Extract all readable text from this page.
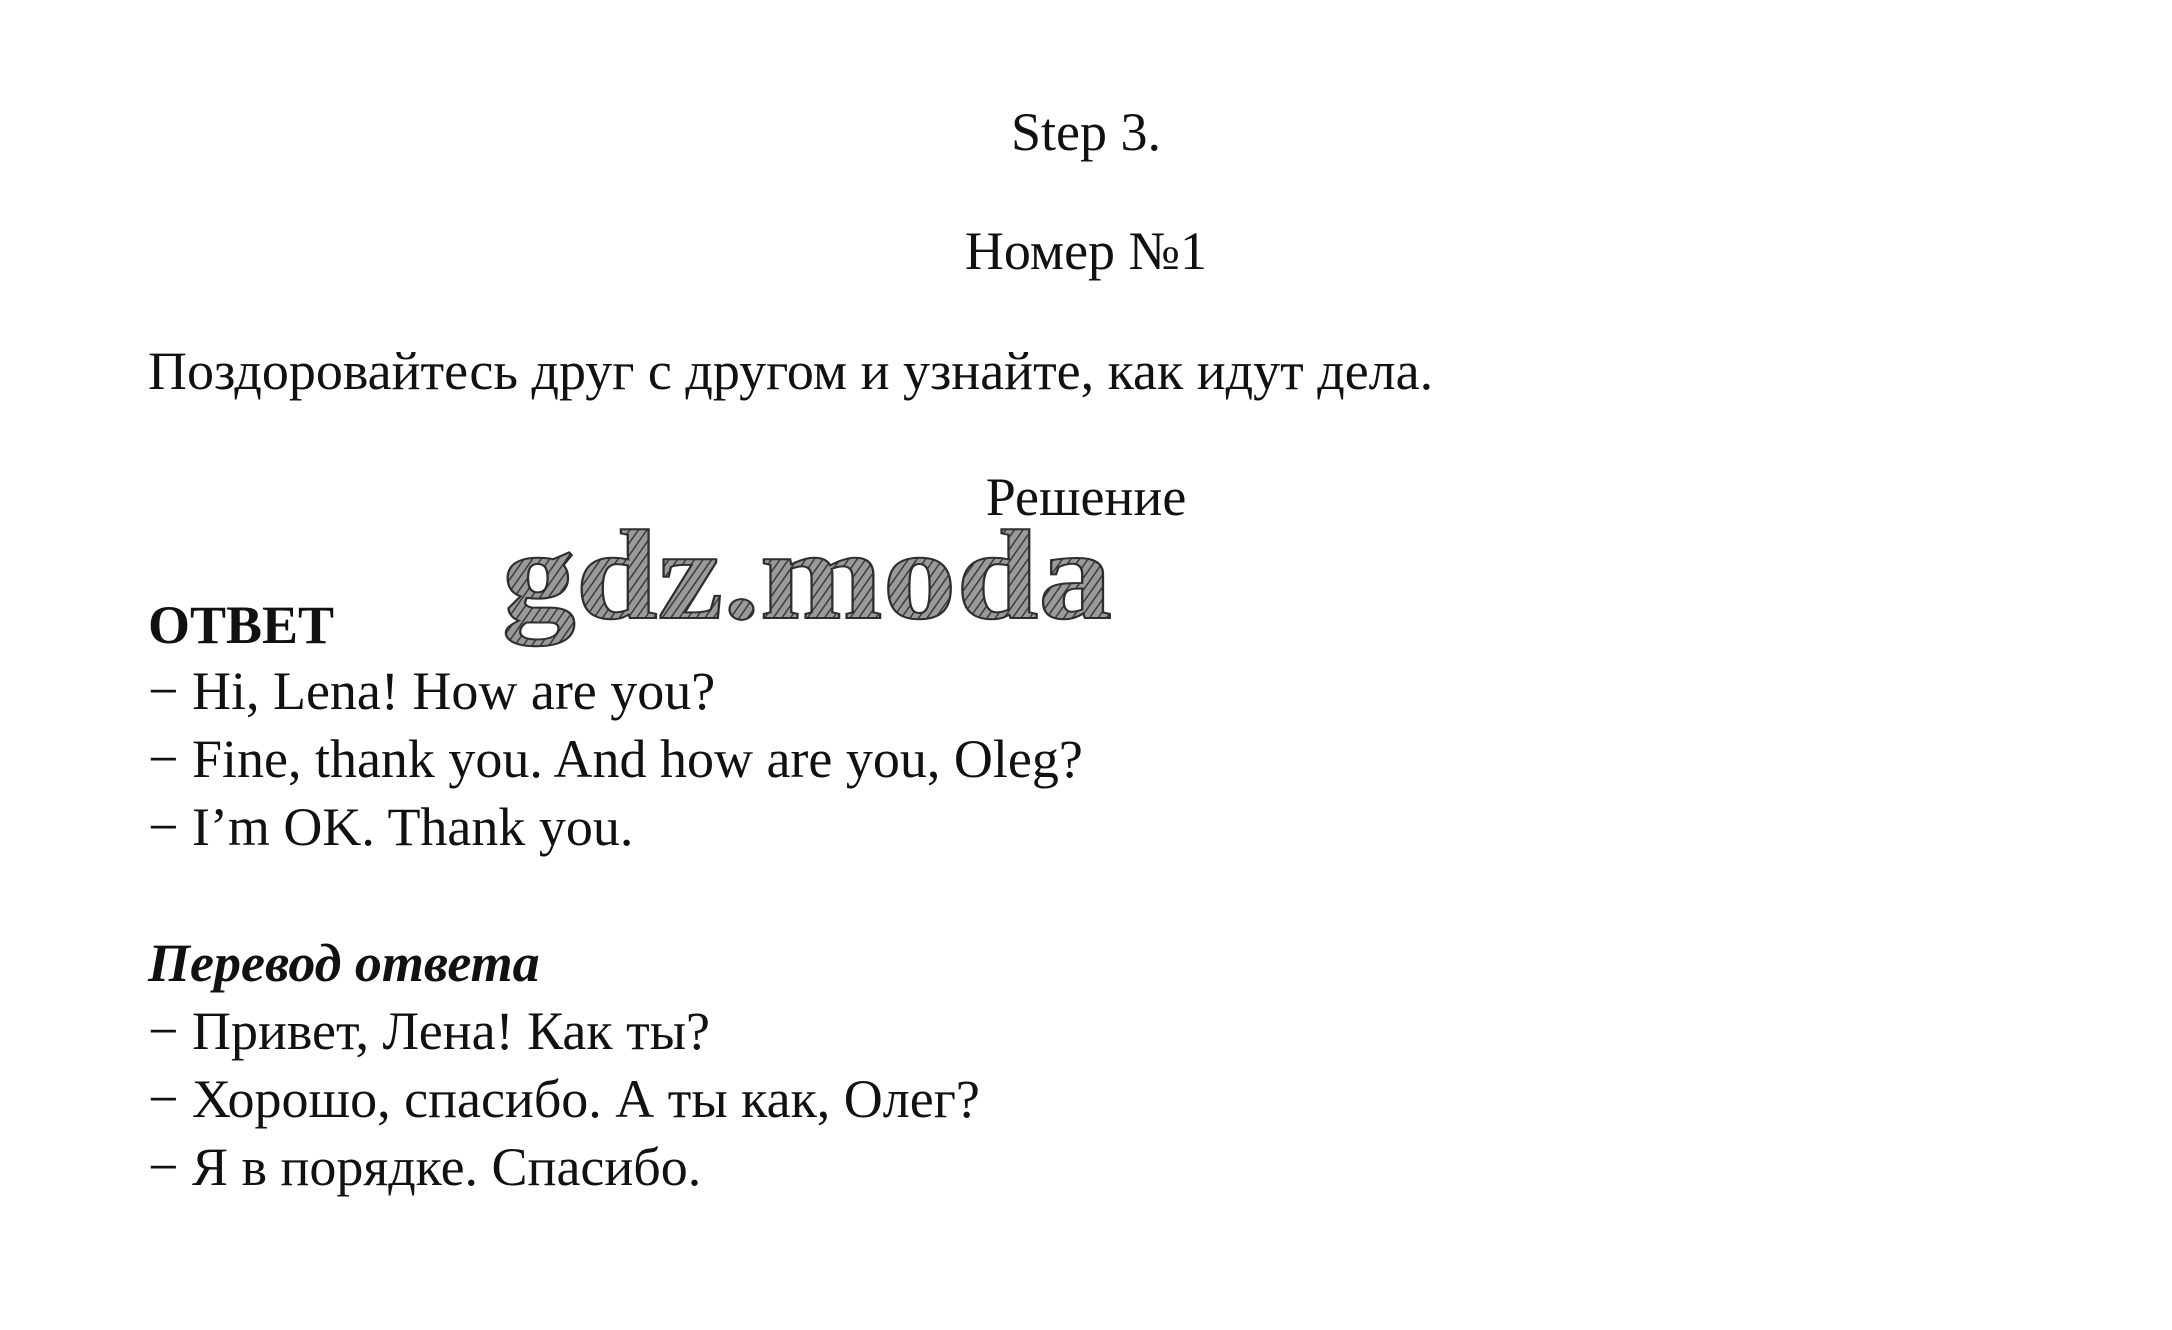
Step 3.
Номер №1
Поздоровайтесь друг с другом и узнайте, как идут дела.
Решение
gdz.moda
ОТВЕТ
− Hi, Lena! How are you?
− Fine, thank you. And how are you, Oleg?
− I’m OK. Thank you.
Перевод ответа
− Привет, Лена! Как ты?
− Хорошо, спасибо. А ты как, Олег?
− Я в порядке. Спасибо.
